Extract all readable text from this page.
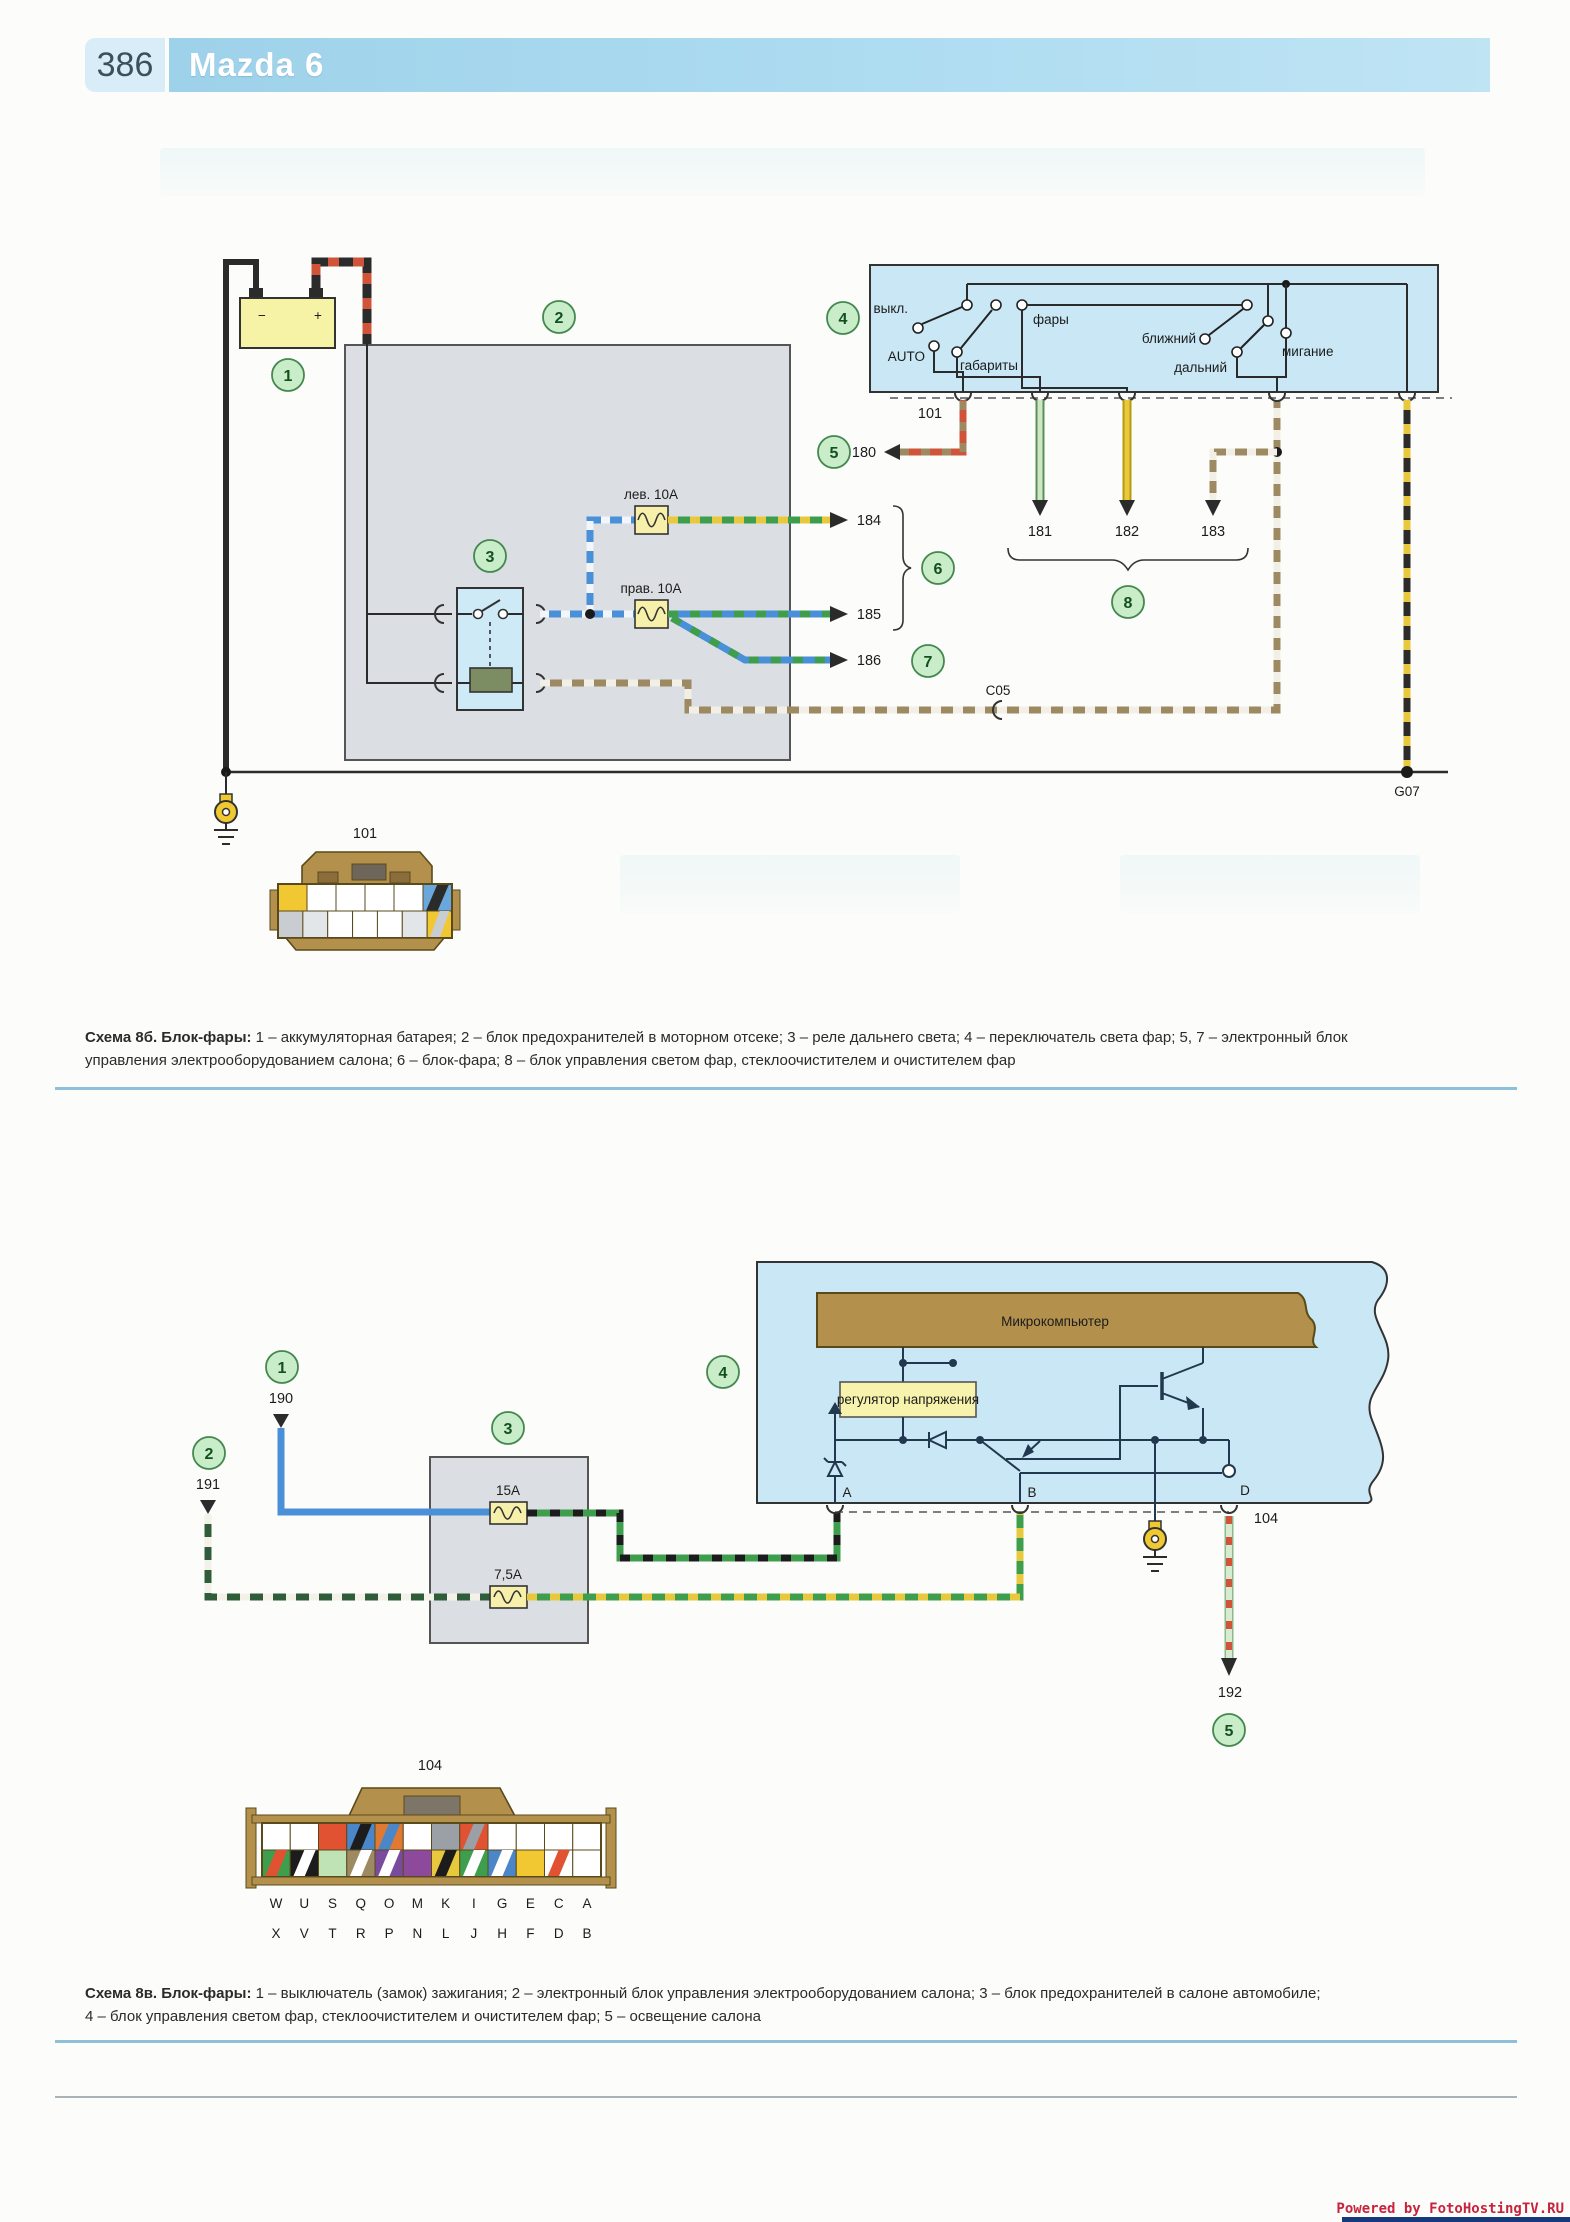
386 Mazda 6
−	+
лев. 10А
прав. 10А
184
185
186
C05
выкл.
AUTO
габариты
фары
ближний
дальний
мигание
101
180
181	182	183
G07
101
1
2
3
4
5
6
7
8
190
191	15А
7,5А
Микрокомпьютер
регулятор напряжения
A	B	D
104
192
104
W U S Q O M K I G E C A
X V T R P N L J H F D B
1
2
3
4
5
Схема 8б. Блок-фары: 1 – аккумуляторная батарея; 2 – блок предохранителей в моторном отсеке; 3 – реле дальнего света; 4 – переключатель света фар; 5, 7 – электронный блок
управления электрооборудованием салона; 6 – блок-фара; 8 – блок управления светом фар, стеклоочистителем и очистителем фар
Схема 8в. Блок-фары: 1 – выключатель (замок) зажигания; 2 – электронный блок управления электрооборудованием салона; 3 – блок предохранителей в салоне автомобиле;
4 – блок управления светом фар, стеклоочистителем и очистителем фар; 5 – освещение салона
Powered by FotoHostingTV.RU
